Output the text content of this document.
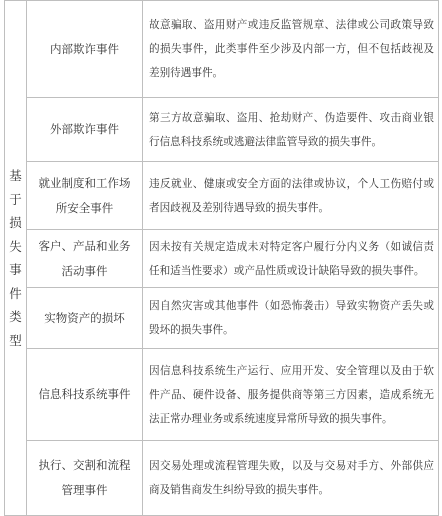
基于损失事件类型	内部欺诈事件	故意骗取、盗用财产或违反监管规章、法律或公司政策导致的损失事件，此类事件至少涉及内部一方，但不包括歧视及差别待遇事件。

	外部欺诈事件	第三方故意骗取、盗用、抢劫财产、伪造要件、攻击商业银行信息科技系统或逃避法律监管导致的损失事件。

	就业制度和工作场所安全事件	违反就业、健康或安全方面的法律或协议，个人工伤赔付或者因歧视及差别待遇导致的损失事件。

	客户、产品和业务活动事件	因未按有关规定造成未对特定客户履行分内义务（如诚信责任和适当性要求）或产品性质或设计缺陷导致的损失事件。

	实物资产的损坏	因自然灾害或其他事件（如恐怖袭击）导致实物资产丢失或毁坏的损失事件。

	信息科技系统事件	因信息科技系统生产运行、应用开发、安全管理以及由于软件产品、硬件设备、服务提供商等第三方因素，造成系统无法正常办理业务或系统速度异常所导致的损失事件。

	执行、交割和流程管理事件	因交易处理或流程管理失败，以及与交易对手方、外部供应商及销售商发生纠纷导致的损失事件。
